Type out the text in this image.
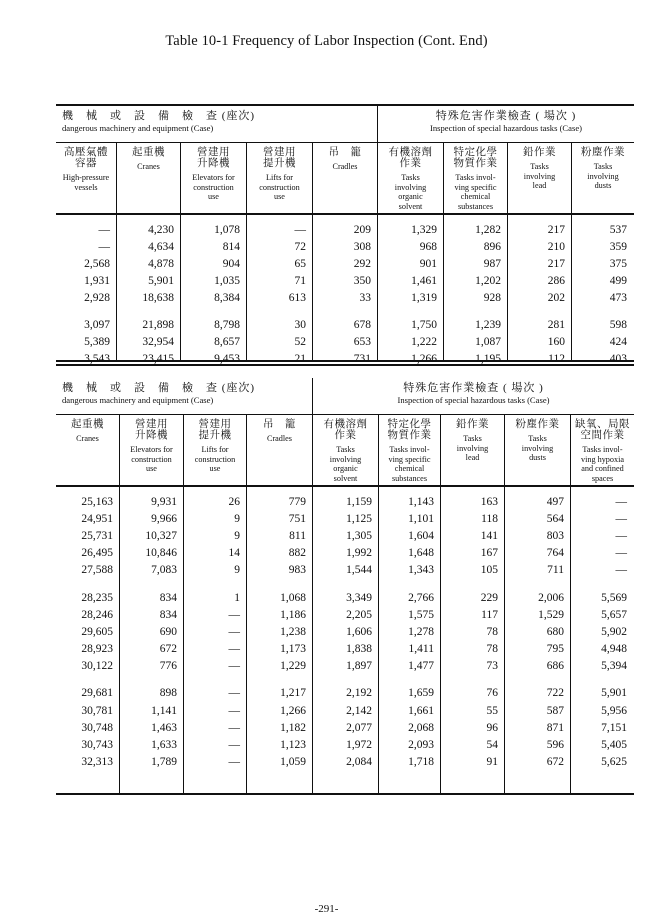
Table 10-1 Frequency of Labor Inspection (Cont. End)
機　械　或　設　備　檢　查 (座次)
dangerous machinery and equipment (Case)
特殊危害作業檢查 ( 場次 )
Inspection of special hazardous tasks (Case)
高壓氣體
容器
High-pressure
vessels
起重機
Cranes
營建用
升降機
Elevators for
construction
use
營建用
提升機
Lifts for
construction
use
吊　籠
Cradles
有機溶劑
作業
Tasks
involving
organic
solvent
特定化學
物質作業
Tasks invol-
ving specific
chemical
substances
鉛作業
Tasks
involving
lead
粉塵作業
Tasks
involving
dusts
—	4,230	1,078	—	209	1,329	1,282	217	537
—	4,634	814	72	308	968	896	210	359
2,568	4,878	904	65	292	901	987	217	375
1,931	5,901	1,035	71	350	1,461	1,202	286	499
2,928	18,638	8,384	613	33	1,319	928	202	473
3,097	21,898	8,798	30	678	1,750	1,239	281	598
5,389	32,954	8,657	52	653	1,222	1,087	160	424
3,543	23,415	9,453	21	731	1,266	1,195	112	403
機　械　或　設　備　檢　查 (座次)
dangerous machinery and equipment (Case)
特殊危害作業檢查 ( 場次 )
Inspection of special hazardous tasks (Case)
起重機
Cranes
營建用
升降機
Elevators for
construction
use
營建用
提升機
Lifts for
construction
use
吊　籠
Cradles
有機溶劑
作業
Tasks
involving
organic
solvent
特定化學
物質作業
Tasks invol-
ving specific
chemical
substances
鉛作業
Tasks
involving
lead
粉塵作業
Tasks
involving
dusts
缺氧、局限
空間作業
Tasks invol-
ving hypoxia
and confined
spaces
25,163	9,931	26	779	1,159	1,143	163	497	—
24,951	9,966	9	751	1,125	1,101	118	564	—
25,731	10,327	9	811	1,305	1,604	141	803	—
26,495	10,846	14	882	1,992	1,648	167	764	—
27,588	7,083	9	983	1,544	1,343	105	711	—
28,235	834	1	1,068	3,349	2,766	229	2,006	5,569
28,246	834	—	1,186	2,205	1,575	117	1,529	5,657
29,605	690	—	1,238	1,606	1,278	78	680	5,902
28,923	672	—	1,173	1,838	1,411	78	795	4,948
30,122	776	—	1,229	1,897	1,477	73	686	5,394
29,681	898	—	1,217	2,192	1,659	76	722	5,901
30,781	1,141	—	1,266	2,142	1,661	55	587	5,956
30,748	1,463	—	1,182	2,077	2,068	96	871	7,151
30,743	1,633	—	1,123	1,972	2,093	54	596	5,405
32,313	1,789	—	1,059	2,084	1,718	91	672	5,625
-291-
